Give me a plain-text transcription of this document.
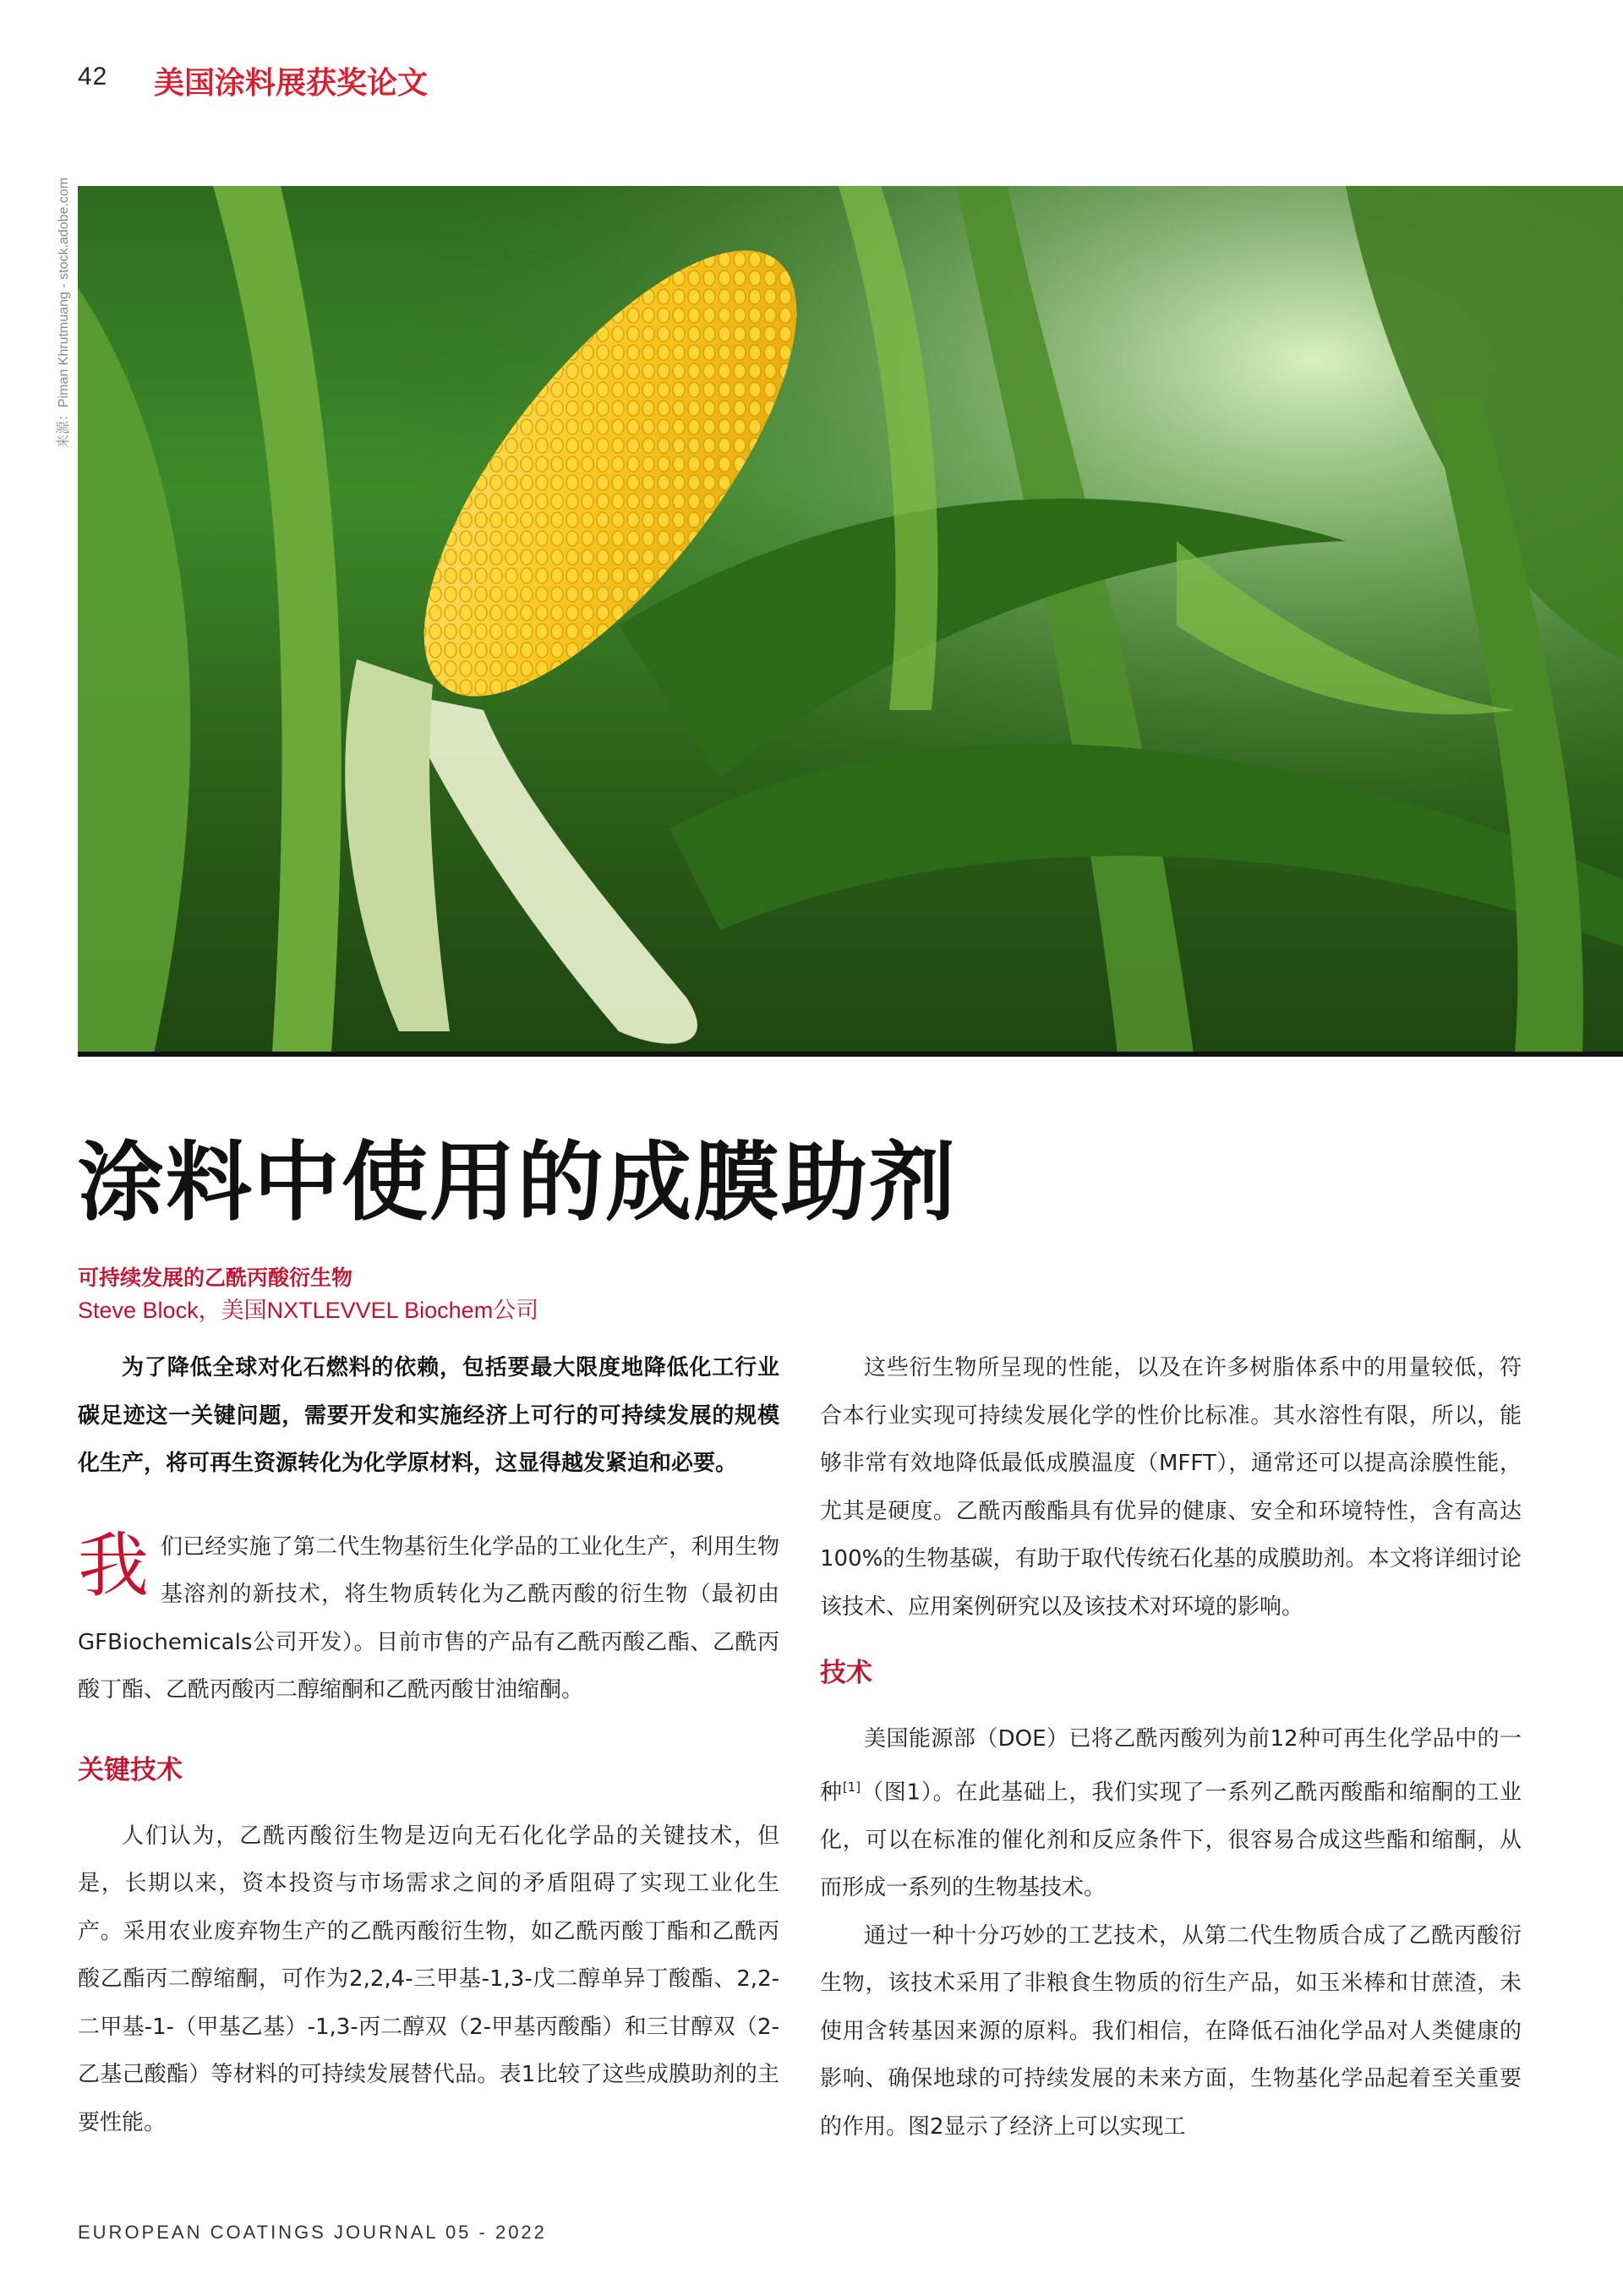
42 美国涂料展获奖论文
来源：Piman Khrutmuang - stock.adobe.com
涂料中使用的成膜助剂
可持续发展的乙酰丙酸衍生物
Steve Block，美国NXTLEVVEL Biochem公司

为了降低全球对化石燃料的依赖，包括要最大限度地降低化工行业碳足迹这一关键问题，需要开发和实施经济上可行的可持续发展的规模化生产，将可再生资源转化为化学原材料，这显得越发紧迫和必要。

我们已经实施了第二代生物基衍生化学品的工业化生产，利用生物基溶剂的新技术，将生物质转化为乙酰丙酸的衍生物（最初由GFBiochemicals公司开发）。目前市售的产品有乙酰丙酸乙酯、乙酰丙酸丁酯、乙酰丙酸丙二醇缩酮和乙酰丙酸甘油缩酮。

关键技术

人们认为，乙酰丙酸衍生物是迈向无石化化学品的关键技术，但是，长期以来，资本投资与市场需求之间的矛盾阻碍了实现工业化生产。采用农业废弃物生产的乙酰丙酸衍生物，如乙酰丙酸丁酯和乙酰丙酸乙酯丙二醇缩酮，可作为2,2,4-三甲基-1,3-戊二醇单异丁酸酯、2,2-二甲基-1-（甲基乙基）-1,3-丙二醇双（2-甲基丙酸酯）和三甘醇双（2-乙基己酸酯）等材料的可持续发展替代品。表1比较了这些成膜助剂的主要性能。

这些衍生物所呈现的性能，以及在许多树脂体系中的用量较低，符合本行业实现可持续发展化学的性价比标准。其水溶性有限，所以，能够非常有效地降低最低成膜温度（MFFT），通常还可以提高涂膜性能，尤其是硬度。乙酰丙酸酯具有优异的健康、安全和环境特性，含有高达100%的生物基碳，有助于取代传统石化基的成膜助剂。本文将详细讨论该技术、应用案例研究以及该技术对环境的影响。

技术

美国能源部（DOE）已将乙酰丙酸列为前12种可再生化学品中的一种[1]（图1）。在此基础上，我们实现了一系列乙酰丙酸酯和缩酮的工业化，可以在标准的催化剂和反应条件下，很容易合成这些酯和缩酮，从而形成一系列的生物基技术。

通过一种十分巧妙的工艺技术，从第二代生物质合成了乙酰丙酸衍生物，该技术采用了非粮食生物质的衍生产品，如玉米棒和甘蔗渣，未使用含转基因来源的原料。我们相信，在降低石油化学品对人类健康的影响、确保地球的可持续发展的未来方面，生物基化学品起着至关重要的作用。图2显示了经济上可以实现工

EUROPEAN COATINGS JOURNAL 05 - 2022
